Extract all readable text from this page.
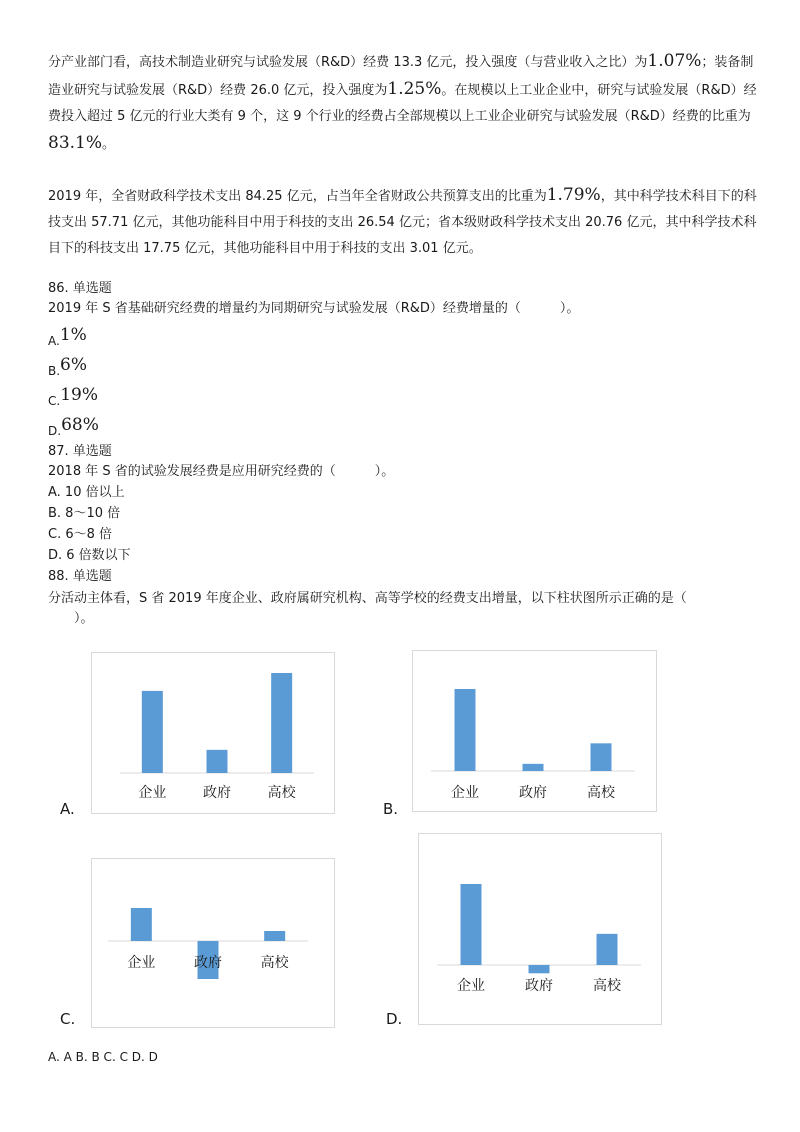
分产业部门看，高技术制造业研究与试验发展（R&D）经费 13.3 亿元，投入强度（与营业收入之比）为1.07%；装备制造业研究与试验发展（R&D）经费 26.0 亿元，投入强度为1.25%。在规模以上工业企业中，研究与试验发展（R&D）经费投入超过 5 亿元的行业大类有 9 个，这 9 个行业的经费占全部规模以上工业企业研究与试验发展（R&D）经费的比重为83.1%。

2019 年，全省财政科学技术支出 84.25 亿元，占当年全省财政公共预算支出的比重为1.79%，其中科学技术科目下的科技支出 57.71 亿元，其他功能科目中用于科技的支出 26.54 亿元；省本级财政科学技术支出 20.76 亿元，其中科学技术科目下的科技支出 17.75 亿元，其他功能科目中用于科技的支出 3.01 亿元。

86. 单选题
2019 年 S 省基础研究经费的增量约为同期研究与试验发展（R&D）经费增量的（　　　）。
A.1%
B.6%
C.19%
D.68%
87. 单选题
2018 年 S 省的试验发展经费是应用研究经费的（　　　）。
A. 10 倍以上
B. 8～10 倍
C. 6～8 倍
D. 6 倍数以下
88. 单选题
分活动主体看，S 省 2019 年度企业、政府属研究机构、高等学校的经费支出增量，以下柱状图所示正确的是（
　　）。
企业	政府	高校
A.
企业	政府	高校
B.
企业	政府	高校
C.
企业	政府	高校
D.
A. A B. B C. C D. D
